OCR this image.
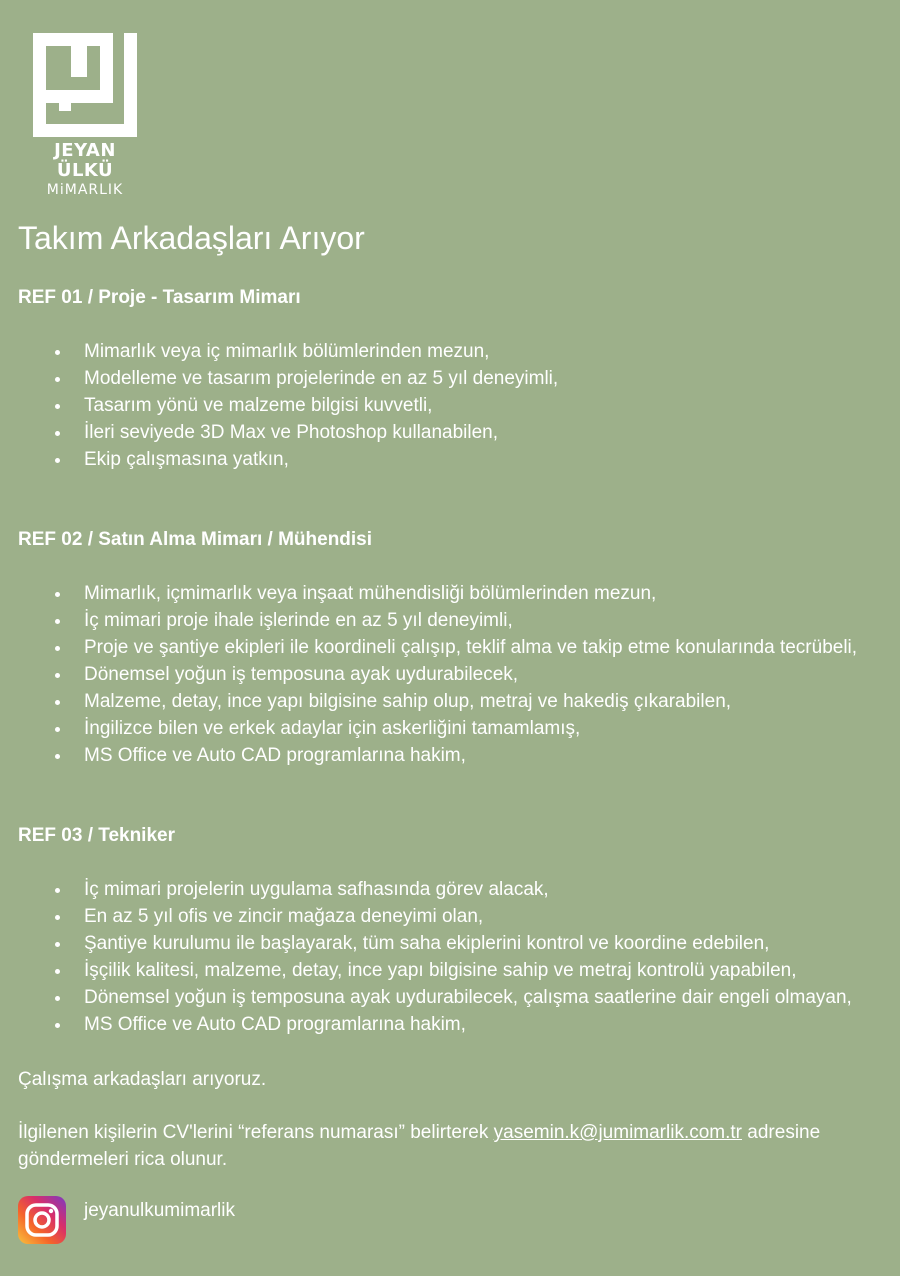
JEYAN ÜLKÜ
MiMARLIK
Takım Arkadaşları Arıyor

REF 01 / Proje - Tasarım Mimarı

Mimarlık veya iç mimarlık bölümlerinden mezun,
Modelleme ve tasarım projelerinde en az 5 yıl deneyimli,
Tasarım yönü ve malzeme bilgisi kuvvetli,
İleri seviyede 3D Max ve Photoshop kullanabilen,
Ekip çalışmasına yatkın,

REF 02 / Satın Alma Mimarı / Mühendisi

Mimarlık, içmimarlık veya inşaat mühendisliği bölümlerinden mezun,
İç mimari proje ihale işlerinde en az 5 yıl deneyimli,
Proje ve şantiye ekipleri ile koordineli çalışıp, teklif alma ve takip etme konularında tecrübeli,
Dönemsel yoğun iş temposuna ayak uydurabilecek,
Malzeme, detay, ince yapı bilgisine sahip olup, metraj ve hakediş çıkarabilen,
İngilizce bilen ve erkek adaylar için askerliğini tamamlamış,
MS Office ve Auto CAD programlarına hakim,

REF 03 / Tekniker

İç mimari projelerin uygulama safhasında görev alacak,
En az 5 yıl ofis ve zincir mağaza deneyimi olan,
Şantiye kurulumu ile başlayarak, tüm saha ekiplerini kontrol ve koordine edebilen,
İşçilik kalitesi, malzeme, detay, ince yapı bilgisine sahip ve metraj kontrolü yapabilen,
Dönemsel yoğun iş temposuna ayak uydurabilecek, çalışma saatlerine dair engeli olmayan,
MS Office ve Auto CAD programlarına hakim,
Çalışma arkadaşları arıyoruz.
İlgilenen kişilerin CV'lerini “referans numarası” belirterek yasemin.k@jumimarlik.com.tr adresine göndermeleri rica olunur.
jeyanulkumimarlik
